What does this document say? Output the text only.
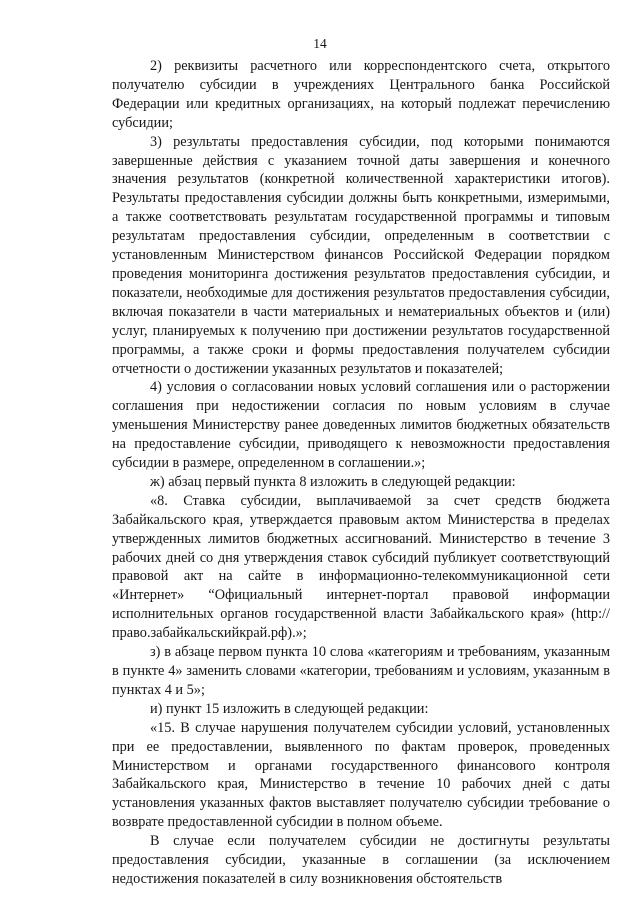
14

2) реквизиты расчетного или корреспондентского счета, открытого получателю субсидии в учреждениях Центрального банка Российской Федерации или кредитных организациях, на который подлежат перечислению субсидии;

3) результаты предоставления субсидии, под которыми понимаются завершенные действия с указанием точной даты завершения и конечного значения результатов (конкретной количественной характеристики итогов). Результаты предоставления субсидии должны быть конкретными, измеримыми, а также соответствовать результатам государственной программы и типовым результатам предоставления субсидии, определенным в соответствии с установленным Министерством финансов Российской Федерации порядком проведения мониторинга достижения результатов предоставления субсидии, и показатели, необходимые для достижения результатов предоставления субсидии, включая показатели в части материальных и нематериальных объектов и (или) услуг, планируемых к получению при достижении результатов государственной программы, а также сроки и формы предоставления получателем субсидии отчетности о достижении указанных результатов и показателей;

4) условия о согласовании новых условий соглашения или о расторжении соглашения при недостижении согласия по новым условиям в случае уменьшения Министерству ранее доведенных лимитов бюджетных обязательств на предоставление субсидии, приводящего к невозможности предоставления субсидии в размере, определенном в соглашении.»;

ж) абзац первый пункта 8 изложить в следующей редакции:

«8. Ставка субсидии, выплачиваемой за счет средств бюджета Забайкальского края, утверждается правовым актом Министерства в пределах утвержденных лимитов бюджетных ассигнований. Министерство в течение 3 рабочих дней со дня утверждения ставок субсидий публикует соответствующий правовой акт на сайте в информационно-телекоммуникационной сети «Интернет» “Официальный интернет-портал правовой информации исполнительных органов государственной власти Забайкальского края» (http://право.забайкальскийкрай.рф).»;

з) в абзаце первом пункта 10 слова «категориям и требованиям, указанным в пункте 4» заменить словами «категории, требованиям и условиям, указанным в пунктах 4 и 5»;

и) пункт 15 изложить в следующей редакции:

«15. В случае нарушения получателем субсидии условий, установленных при ее предоставлении, выявленного по фактам проверок, проведенных Министерством и органами государственного финансового контроля Забайкальского края, Министерство в течение 10 рабочих дней с даты установления указанных фактов выставляет получателю субсидии требование о возврате предоставленной субсидии в полном объеме.

В случае если получателем субсидии не достигнуты результаты предоставления субсидии, указанные в соглашении (за исключением недостижения показателей в силу возникновения обстоятельств
